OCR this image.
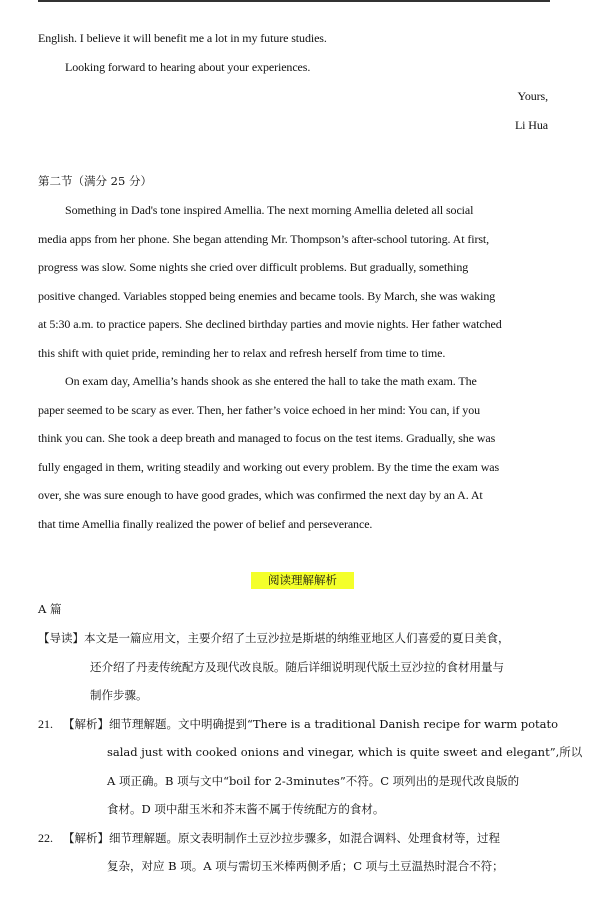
English. I believe it will benefit me a lot in my future studies.
Looking forward to hearing about your experiences.
Yours,
Li Hua
第二节（满分 25 分）
Something in Dad's tone inspired Amellia. The next morning Amellia deleted all social
media apps from her phone. She began attending Mr. Thompson’s after-school tutoring. At first,
progress was slow. Some nights she cried over difficult problems. But gradually, something
positive changed. Variables stopped being enemies and became tools. By March, she was waking
at 5:30 a.m. to practice papers. She declined birthday parties and movie nights. Her father watched
this shift with quiet pride, reminding her to relax and refresh herself from time to time.
On exam day, Amellia’s hands shook as she entered the hall to take the math exam. The
paper seemed to be scary as ever. Then, her father’s voice echoed in her mind: You can, if you
think you can. She took a deep breath and managed to focus on the test items. Gradually, she was
fully engaged in them, writing steadily and working out every problem. By the time the exam was
over, she was sure enough to have good grades, which was confirmed the next day by an A. At
that time Amellia finally realized the power of belief and perseverance.
阅读理解解析
A 篇
【导读】本文是一篇应用文，主要介绍了土豆沙拉是斯堪的纳维亚地区人们喜爱的夏日美食，
还介绍了丹麦传统配方及现代改良版。随后详细说明现代版土豆沙拉的食材用量与
制作步骤。
21. 【解析】细节理解题。文中明确提到“There is a traditional Danish recipe for warm potato
salad just with cooked onions and vinegar, which is quite sweet and elegant”,所以
A 项正确。B 项与文中“boil for 2-3minutes”不符。C 项列出的是现代改良版的
食材。D 项中甜玉米和芥末酱不属于传统配方的食材。
22. 【解析】细节理解题。原文表明制作土豆沙拉步骤多，如混合调料、处理食材等，过程
复杂，对应 B 项。A 项与需切玉米棒两侧矛盾；C 项与土豆温热时混合不符；
